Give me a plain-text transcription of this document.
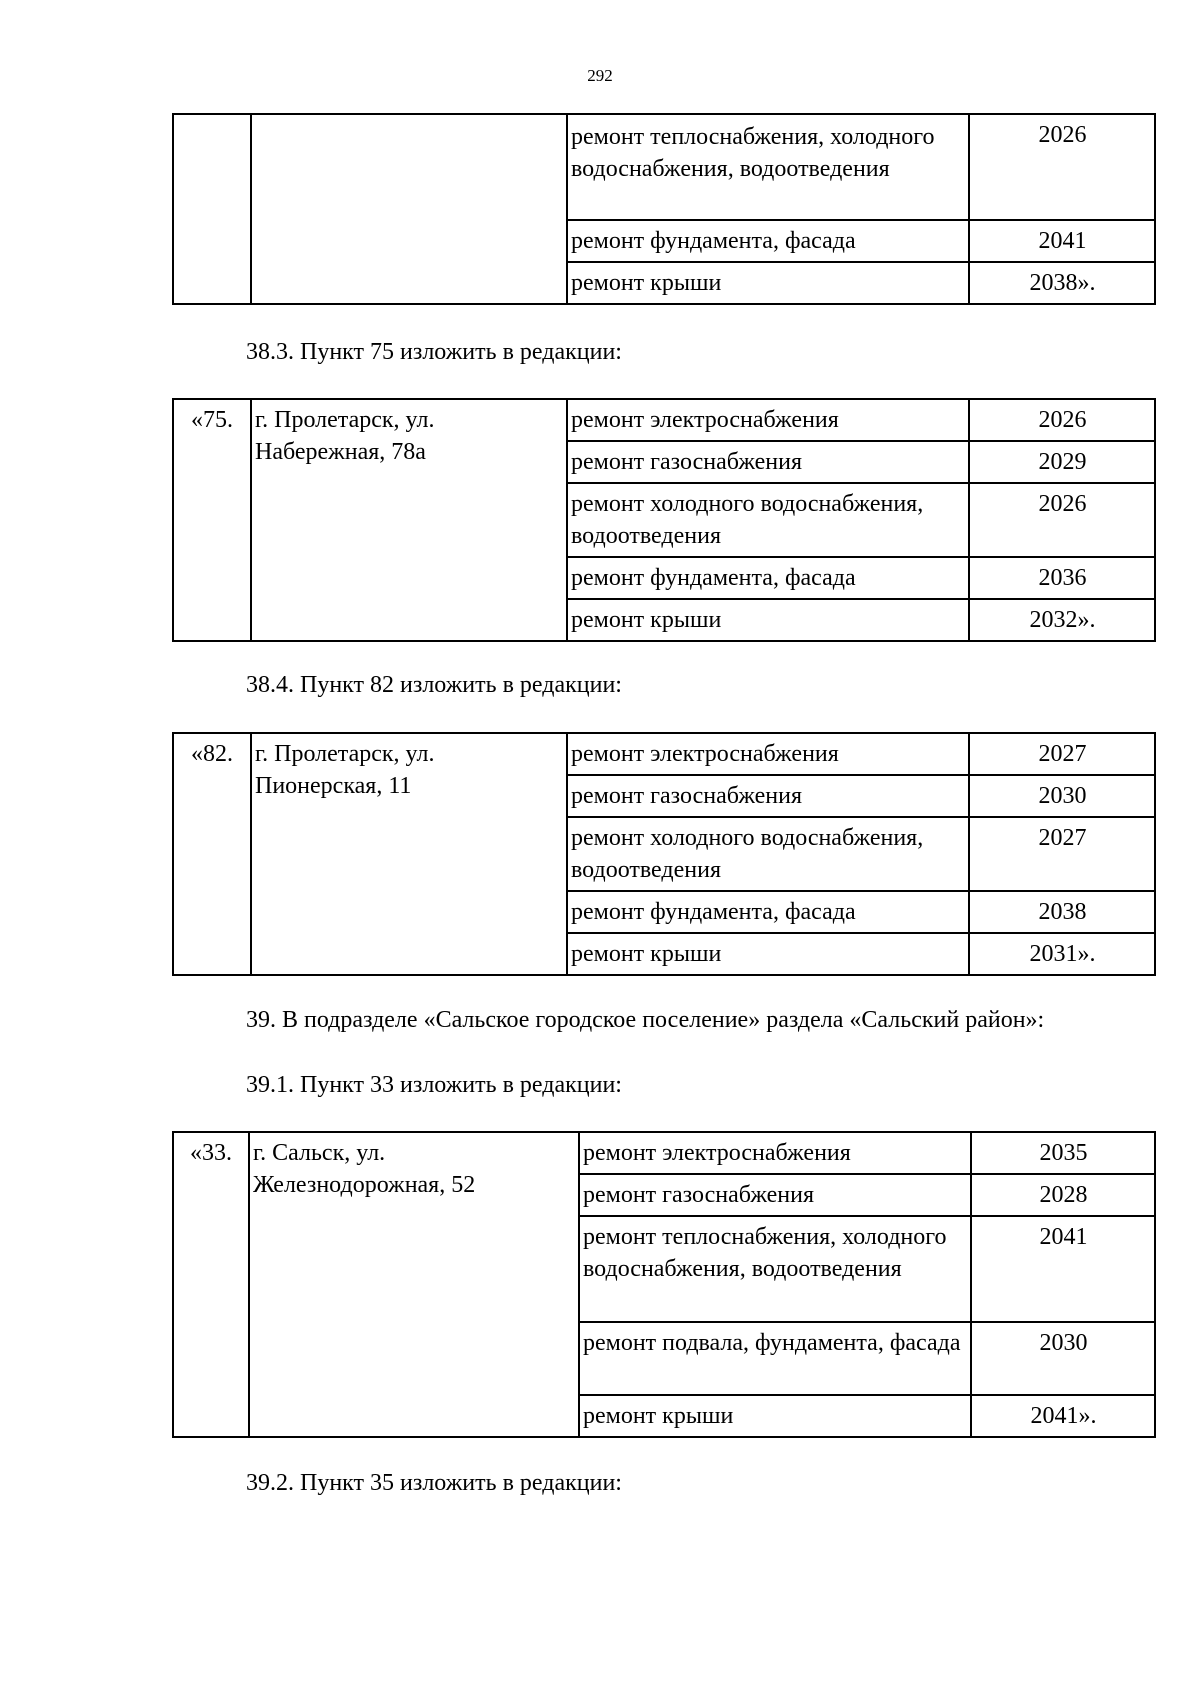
292
		ремонт теплоснабжения, холодного водоснабжения, водоотведения	2026
		ремонт фундамента, фасада	2041
		ремонт крыши	2038».
38.3. Пункт 75 изложить в редакции:
«75.	г. Пролетарск, ул. Набережная, 78а	ремонт электроснабжения	2026
		ремонт газоснабжения	2029
		ремонт холодного водоснабжения, водоотведения	2026
		ремонт фундамента, фасада	2036
		ремонт крыши	2032».
38.4. Пункт 82 изложить в редакции:
«82.	г. Пролетарск, ул. Пионерская, 11	ремонт электроснабжения	2027
		ремонт газоснабжения	2030
		ремонт холодного водоснабжения, водоотведения	2027
		ремонт фундамента, фасада	2038
		ремонт крыши	2031».
39. В подразделе «Сальское городское поселение» раздела «Сальский район»:
39.1. Пункт 33 изложить в редакции:
«33.	г. Сальск, ул. Железнодорожная, 52	ремонт электроснабжения	2035
		ремонт газоснабжения	2028
		ремонт теплоснабжения, холодного водоснабжения, водоотведения	2041
		ремонт подвала, фундамента, фасада	2030
		ремонт крыши	2041».
39.2. Пункт 35 изложить в редакции:
